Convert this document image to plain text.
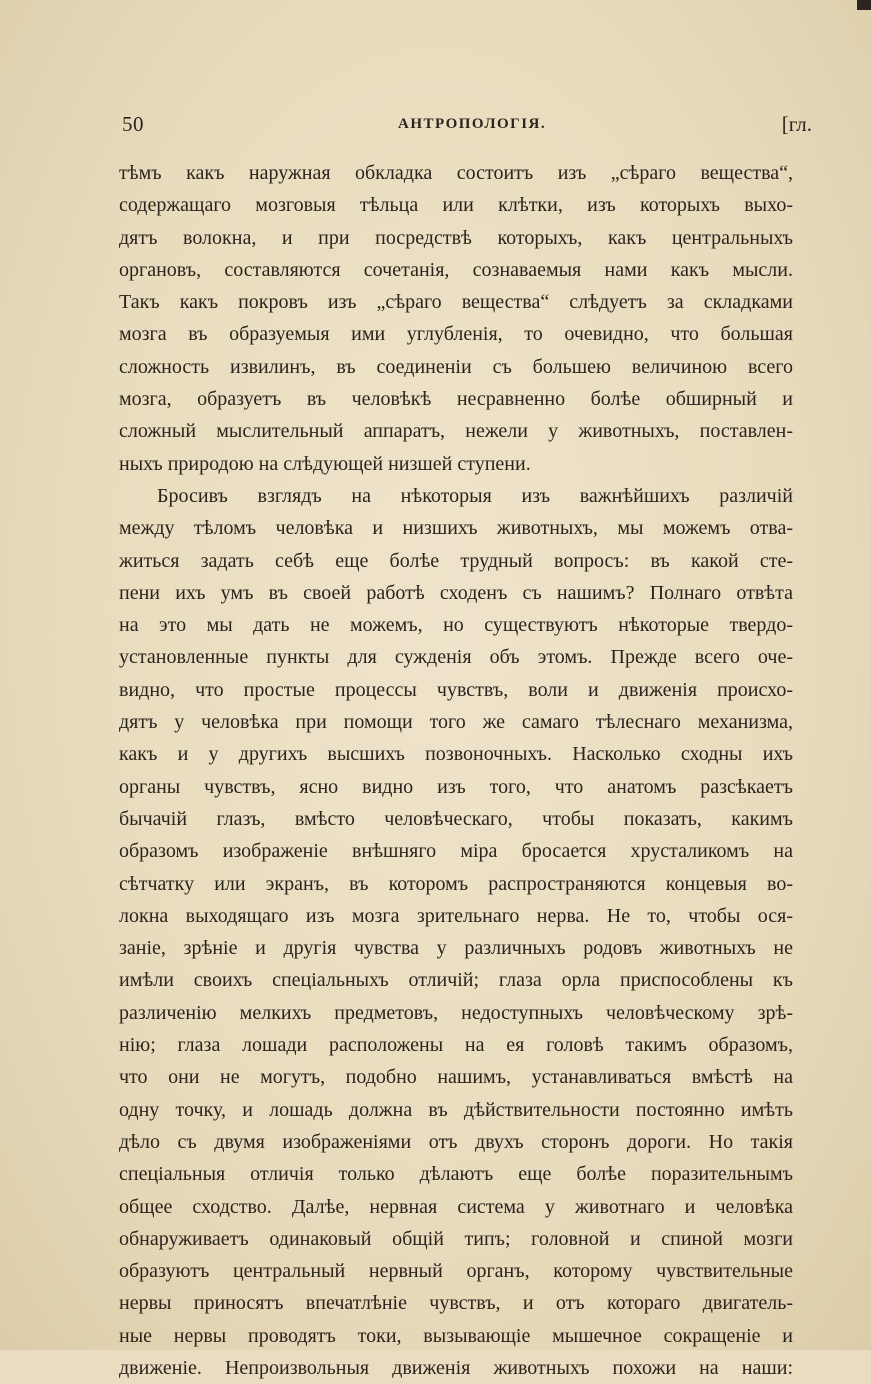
50	АНТРОПОЛОГІЯ.	[гл.
тѣмъ какъ наружная обкладка состоитъ изъ „сѣраго вещества“,
содержащаго мозговыя тѣльца или клѣтки, изъ которыхъ выхо-
дятъ волокна, и при посредствѣ которыхъ, какъ центральныхъ
органовъ, составляются сочетанія, сознаваемыя нами какъ мысли.
Такъ какъ покровъ изъ „сѣраго вещества“ слѣдуетъ за складками
мозга въ образуемыя ими углубленія, то очевидно, что большая
сложность извилинъ, въ соединеніи съ большею величиною всего
мозга, образуетъ въ человѣкѣ несравненно болѣе обширный и
сложный мыслительный аппаратъ, нежели у животныхъ, поставлен-
ныхъ природою на слѣдующей низшей ступени.
Бросивъ взглядъ на нѣкоторыя изъ важнѣйшихъ различій
между тѣломъ человѣка и низшихъ животныхъ, мы можемъ отва-
житься задать себѣ еще болѣе трудный вопросъ: въ какой сте-
пени ихъ умъ въ своей работѣ сходенъ съ нашимъ? Полнаго отвѣта
на это мы дать не можемъ, но существуютъ нѣкоторые твердо-
установленные пункты для сужденія объ этомъ. Прежде всего оче-
видно, что простые процессы чувствъ, воли и движенія происхо-
дятъ у человѣка при помощи того же самаго тѣлеснаго механизма,
какъ и у другихъ высшихъ позвоночныхъ. Насколько сходны ихъ
органы чувствъ, ясно видно изъ того, что анатомъ разсѣкаетъ
бычачій глазъ, вмѣсто человѣческаго, чтобы показать, какимъ
образомъ изображеніе внѣшняго міра бросается хрусталикомъ на
сѣтчатку или экранъ, въ которомъ распространяются концевыя во-
локна выходящаго изъ мозга зрительнаго нерва. Не то, чтобы ося-
заніе, зрѣніе и другія чувства у различныхъ родовъ животныхъ не
имѣли своихъ спеціальныхъ отличій; глаза орла приспособлены къ
различенію мелкихъ предметовъ, недоступныхъ человѣческому зрѣ-
нію; глаза лошади расположены на ея головѣ такимъ образомъ,
что они не могутъ, подобно нашимъ, устанавливаться вмѣстѣ на
одну точку, и лошадь должна въ дѣйствительности постоянно имѣть
дѣло съ двумя изображеніями отъ двухъ сторонъ дороги. Но такія
спеціальныя отличія только дѣлаютъ еще болѣе поразительнымъ
общее сходство. Далѣе, нервная система у животнаго и человѣка
обнаруживаетъ одинаковый общій типъ; головной и спиной мозги
образуютъ центральный нервный органъ, которому чувствительные
нервы приносятъ впечатлѣніе чувствъ, и отъ котораго двигатель-
ные нервы проводятъ токи, вызывающіе мышечное сокращеніе и
движеніе. Непроизвольныя движенія животныхъ похожи на наши:
